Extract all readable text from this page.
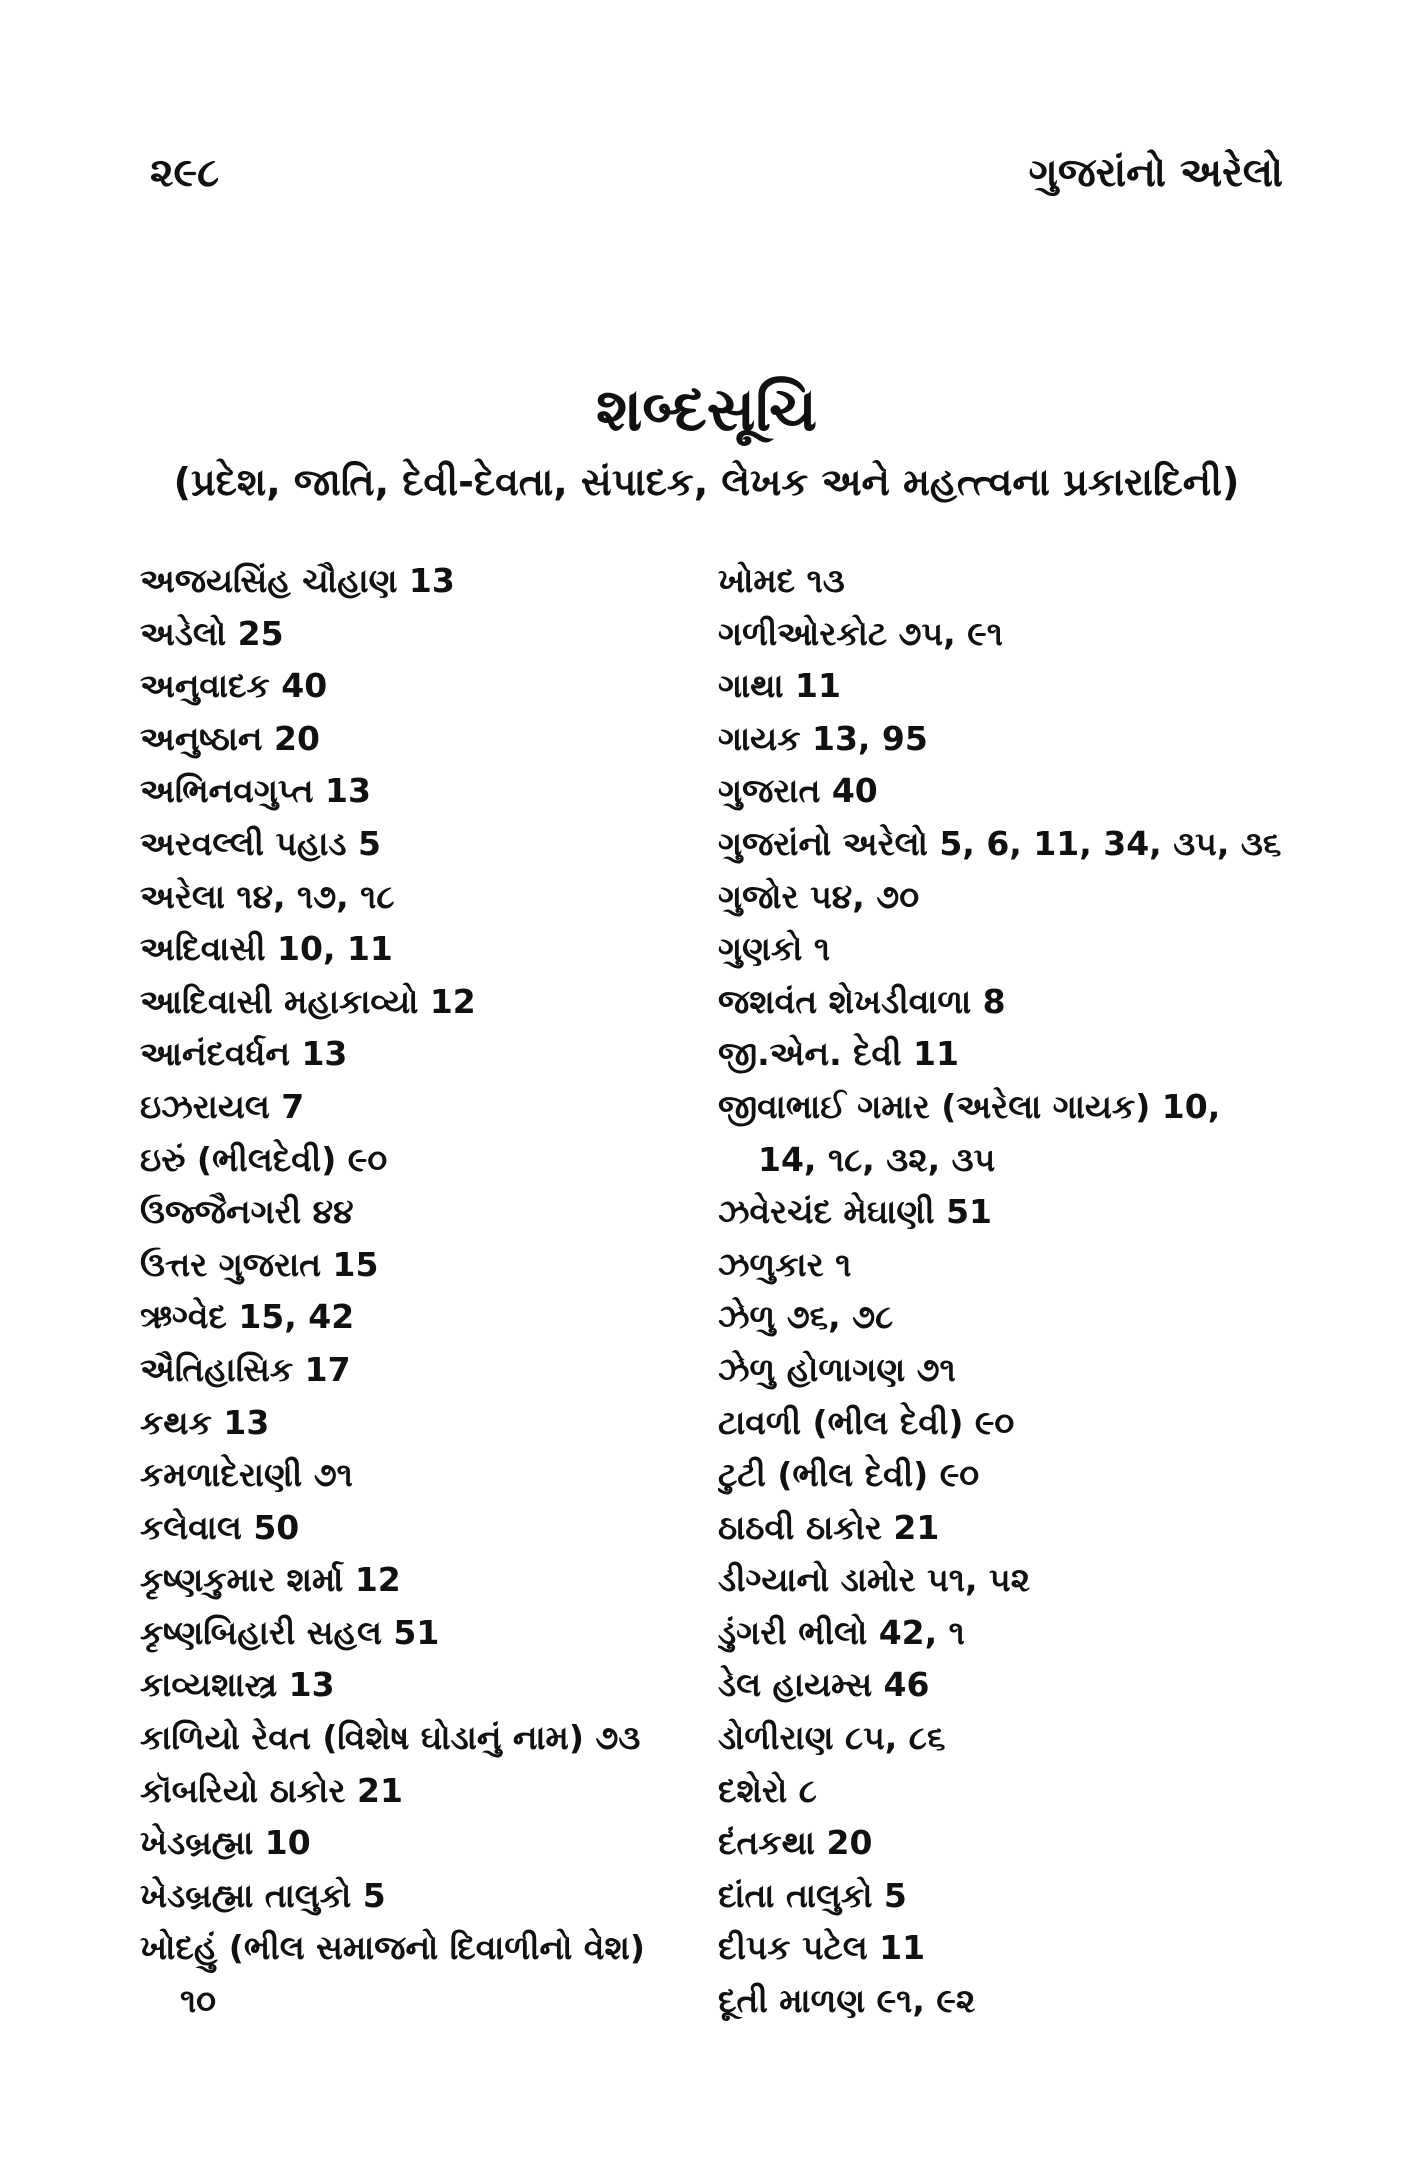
૨૯૮	ગુજરાંનો અરેલો
શબ્દસૂચિ
(પ્રદેશ, જાતિ, દેવી-દેવતા, સંપાદક, લેખક અને મહત્ત્વના પ્રકારાદિની)
અજયસિંહ ચૌહાણ 13
અડેલો 25
અનુવાદક 40
અનુષ્ઠાન 20
અભિનવગુપ્ત 13
અરવલ્લી પહાડ 5
અરેલા ૧૪, ૧૭, ૧૮
અદિવાસી 10, 11
આદિવાસી મહાકાવ્યો 12
આનંદવર્ધન 13
ઇઝરાયલ 7
ઇરું (ભીલદેવી) ૯૦
ઉજ્જૈનગરી ૪૪
ઉત્તર ગુજરાત 15
ઋગ્વેદ 15, 42
ઐતિહાસિક 17
કથક 13
કમળાદેરાણી ૭૧
કલેવાલ 50
કૃષ્ણકુમાર શર્મા 12
કૃષ્ણબિહારી સહલ 51
કાવ્યશાસ્ત્ર 13
કાળિયો રેવત (વિશેષ ઘોડાનું નામ) ૭૩
કૉબરિયો ઠાકોર 21
ખેડબ્રહ્મા 10
ખેડબ્રહ્મા તાલુકો 5
ખોદહું (ભીલ સમાજનો દિવાળીનો વેશ)
૧૦
ખોમદ ૧૩
ગળીઓરકોટ ૭૫, ૯૧
ગાથા 11
ગાયક 13, 95
ગુજરાત 40
ગુજરાંનો અરેલો 5, 6, 11, 34, ૩૫, ૩૬
ગુજોર ૫૪, ૭૦
ગુણકો ૧
જશવંત શેખડીવાળા 8
જી.એન. દેવી 11
જીવાભાઈ ગમાર (અરેલા ગાયક) 10,
14, ૧૮, ૩૨, ૩૫
ઝવેરચંદ મેઘાણી 51
ઝળુકાર ૧
ઝેળુ ૭૬, ૭૮
ઝેળુ હોળાગણ ૭૧
ટાવળી (ભીલ દેવી) ૯૦
ટુટી (ભીલ દેવી) ૯૦
ઠાઠવી ઠાકોર 21
ડીગ્યાનો ડામોર ૫૧, ૫૨
ડુંગરી ભીલો 42, ૧
ડેલ હાયમ્સ 46
ડોળીરાણ ૮૫, ૮૬
દશેરો ૮
દંતકથા 20
દાંતા તાલુકો 5
દીપક પટેલ 11
દૂતી માળણ ૯૧, ૯૨
